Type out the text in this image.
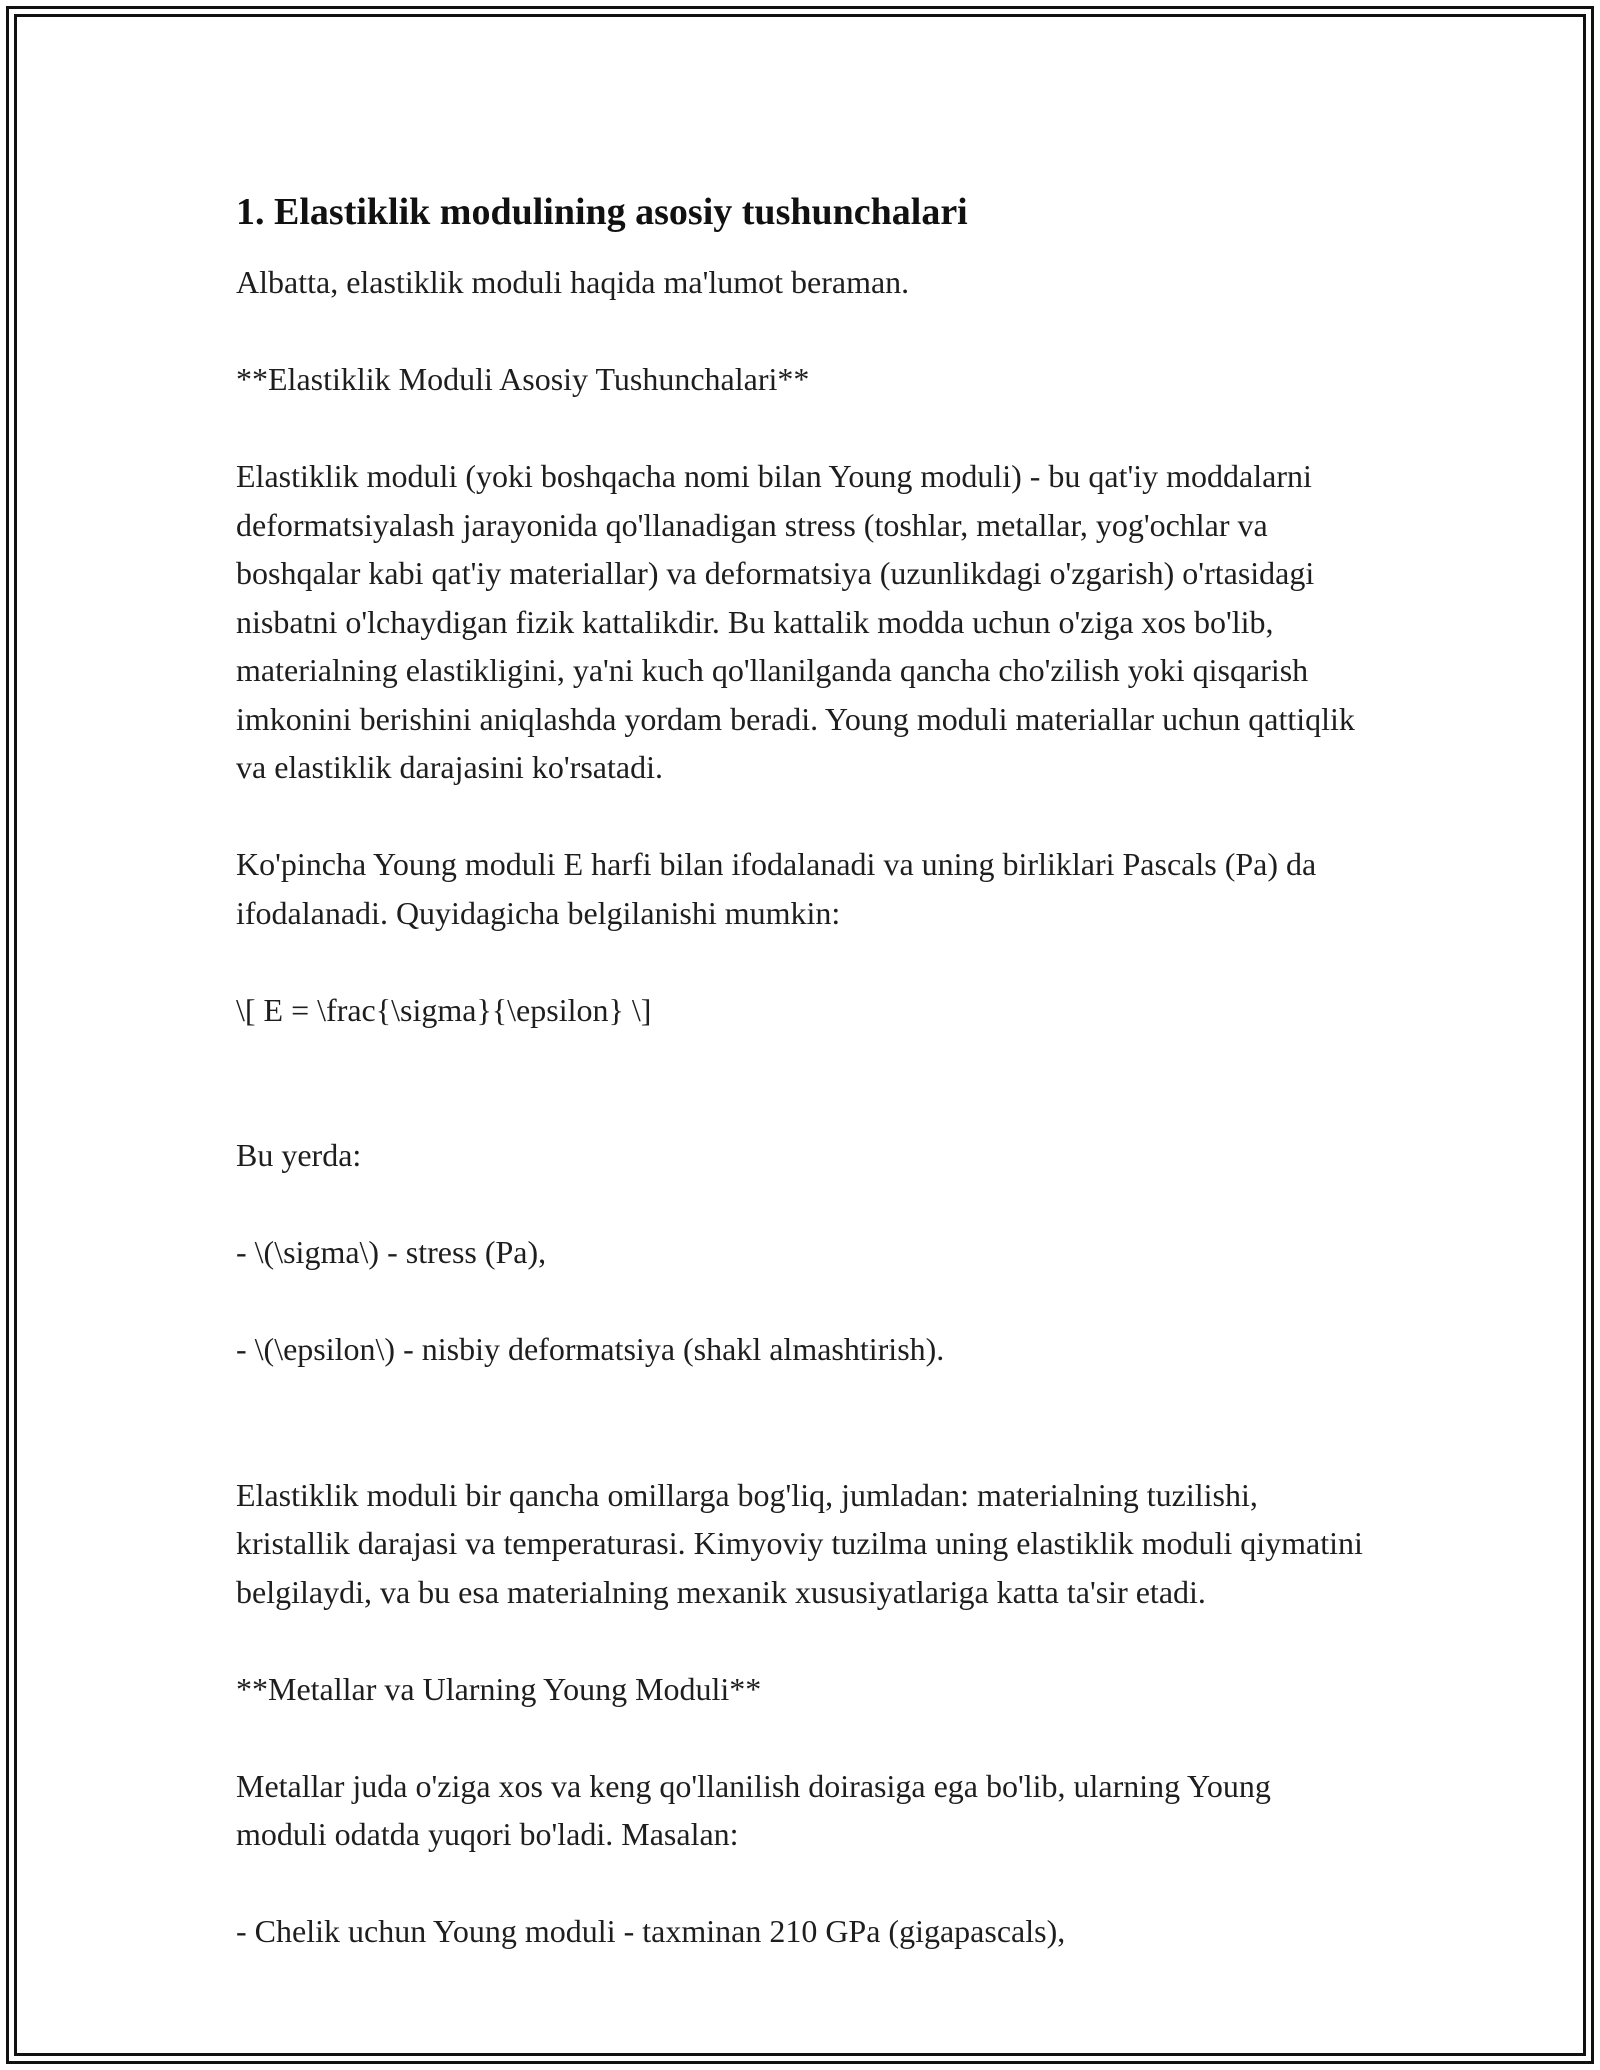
1. Elastiklik modulining asosiy tushunchalari

Albatta, elastiklik moduli haqida ma'lumot beraman.

**Elastiklik Moduli Asosiy Tushunchalari**

Elastiklik moduli (yoki boshqacha nomi bilan Young moduli) - bu qat'iy moddalarni deformatsiyalash jarayonida qo'llanadigan stress (toshlar, metallar, yog'ochlar va boshqalar kabi qat'iy materiallar) va deformatsiya (uzunlikdagi o'zgarish) o'rtasidagi nisbatni o'lchaydigan fizik kattalikdir. Bu kattalik modda uchun o'ziga xos bo'lib, materialning elastikligini, ya'ni kuch qo'llanilganda qancha cho'zilish yoki qisqarish imkonini berishini aniqlashda yordam beradi. Young moduli materiallar uchun qattiqlik va elastiklik darajasini ko'rsatadi.

Ko'pincha Young moduli E harfi bilan ifodalanadi va uning birliklari Pascals (Pa) da ifodalanadi. Quyidagicha belgilanishi mumkin:

\[ E = \frac{\sigma}{\epsilon} \]

Bu yerda:

- \(\sigma\) - stress (Pa),

- \(\epsilon\) - nisbiy deformatsiya (shakl almashtirish).

Elastiklik moduli bir qancha omillarga bog'liq, jumladan: materialning tuzilishi, kristallik darajasi va temperaturasi. Kimyoviy tuzilma uning elastiklik moduli qiymatini belgilaydi, va bu esa materialning mexanik xususiyatlariga katta ta'sir etadi.

**Metallar va Ularning Young Moduli**

Metallar juda o'ziga xos va keng qo'llanilish doirasiga ega bo'lib, ularning Young moduli odatda yuqori bo'ladi. Masalan:

- Chelik uchun Young moduli - taxminan 210 GPa (gigapascals),
